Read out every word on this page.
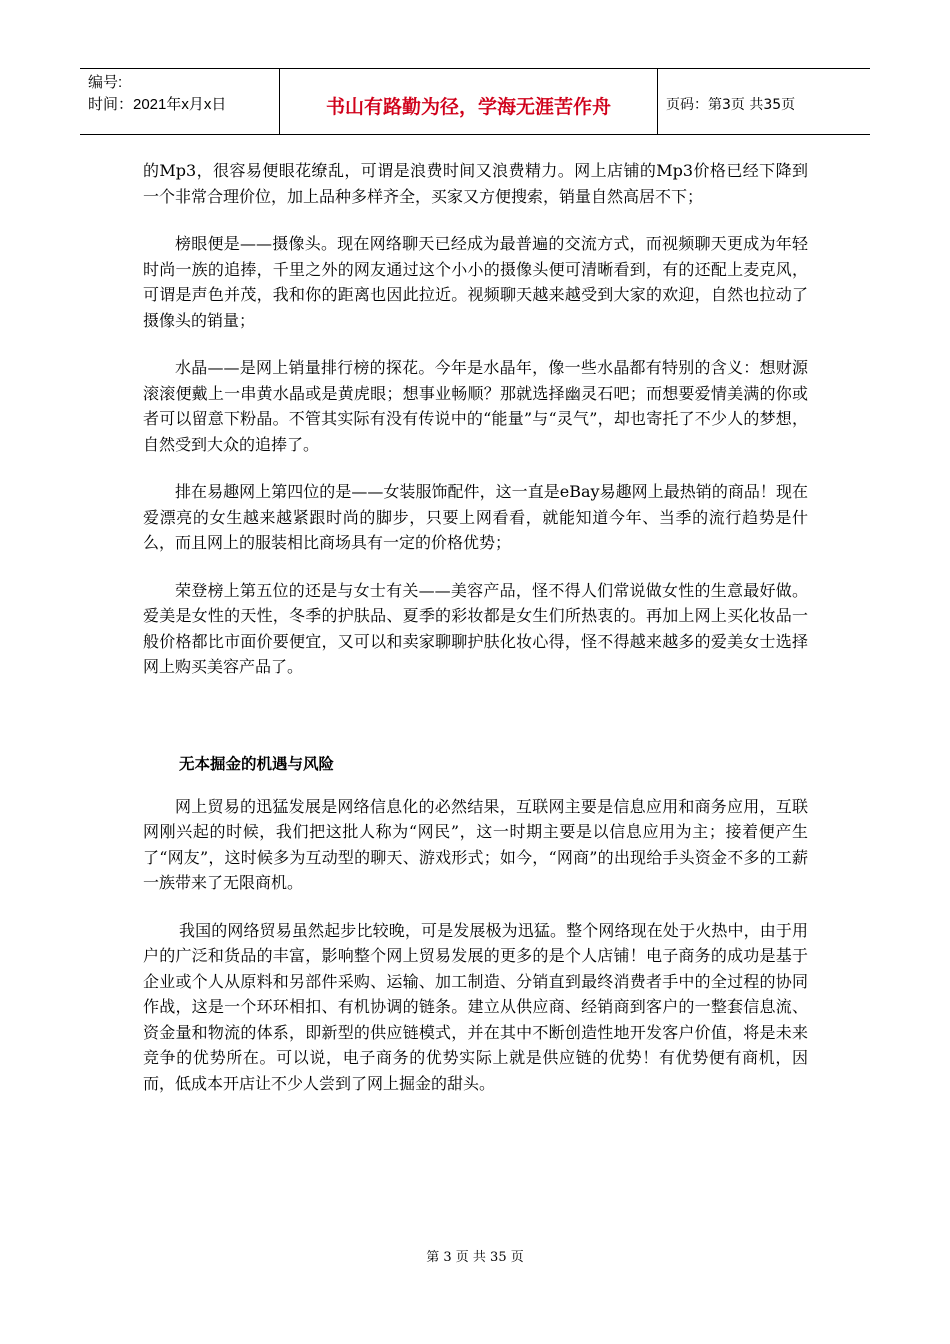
编号:
时间：2021年x月x日	书山有路勤为径，学海无涯苦作舟	页码：第3页 共35页

的Mp3，很容易便眼花缭乱，可谓是浪费时间又浪费精力。网上店铺的Mp3价格已经下降到一个非常合理价位，加上品种多样齐全，买家又方便搜索，销量自然高居不下；

榜眼便是——摄像头。现在网络聊天已经成为最普遍的交流方式，而视频聊天更成为年轻时尚一族的追捧，千里之外的网友通过这个小小的摄像头便可清晰看到，有的还配上麦克风，可谓是声色并茂，我和你的距离也因此拉近。视频聊天越来越受到大家的欢迎，自然也拉动了摄像头的销量；

水晶——是网上销量排行榜的探花。今年是水晶年，像一些水晶都有特别的含义：想财源滚滚便戴上一串黄水晶或是黄虎眼；想事业畅顺？那就选择幽灵石吧；而想要爱情美满的你或者可以留意下粉晶。不管其实际有没有传说中的“能量”与“灵气”，却也寄托了不少人的梦想，自然受到大众的追捧了。

排在易趣网上第四位的是——女装服饰配件，这一直是eBay易趣网上最热销的商品！现在爱漂亮的女生越来越紧跟时尚的脚步，只要上网看看，就能知道今年、当季的流行趋势是什么，而且网上的服装相比商场具有一定的价格优势；

荣登榜上第五位的还是与女士有关——美容产品，怪不得人们常说做女性的生意最好做。爱美是女性的天性，冬季的护肤品、夏季的彩妆都是女生们所热衷的。再加上网上买化妆品一般价格都比市面价要便宜，又可以和卖家聊聊护肤化妆心得，怪不得越来越多的爱美女士选择网上购买美容产品了。

无本掘金的机遇与风险

网上贸易的迅猛发展是网络信息化的必然结果，互联网主要是信息应用和商务应用，互联网刚兴起的时候，我们把这批人称为“网民”，这一时期主要是以信息应用为主；接着便产生了“网友”，这时候多为互动型的聊天、游戏形式；如今，“网商”的出现给手头资金不多的工薪一族带来了无限商机。

我国的网络贸易虽然起步比较晚，可是发展极为迅猛。整个网络现在处于火热中，由于用户的广泛和货品的丰富，影响整个网上贸易发展的更多的是个人店铺！电子商务的成功是基于企业或个人从原料和另部件采购、运输、加工制造、分销直到最终消费者手中的全过程的协同作战，这是一个环环相扣、有机协调的链条。建立从供应商、经销商到客户的一整套信息流、资金量和物流的体系，即新型的供应链模式，并在其中不断创造性地开发客户价值，将是未来竞争的优势所在。可以说，电子商务的优势实际上就是供应链的优势！有优势便有商机，因而，低成本开店让不少人尝到了网上掘金的甜头。

第 3 页 共 35 页
